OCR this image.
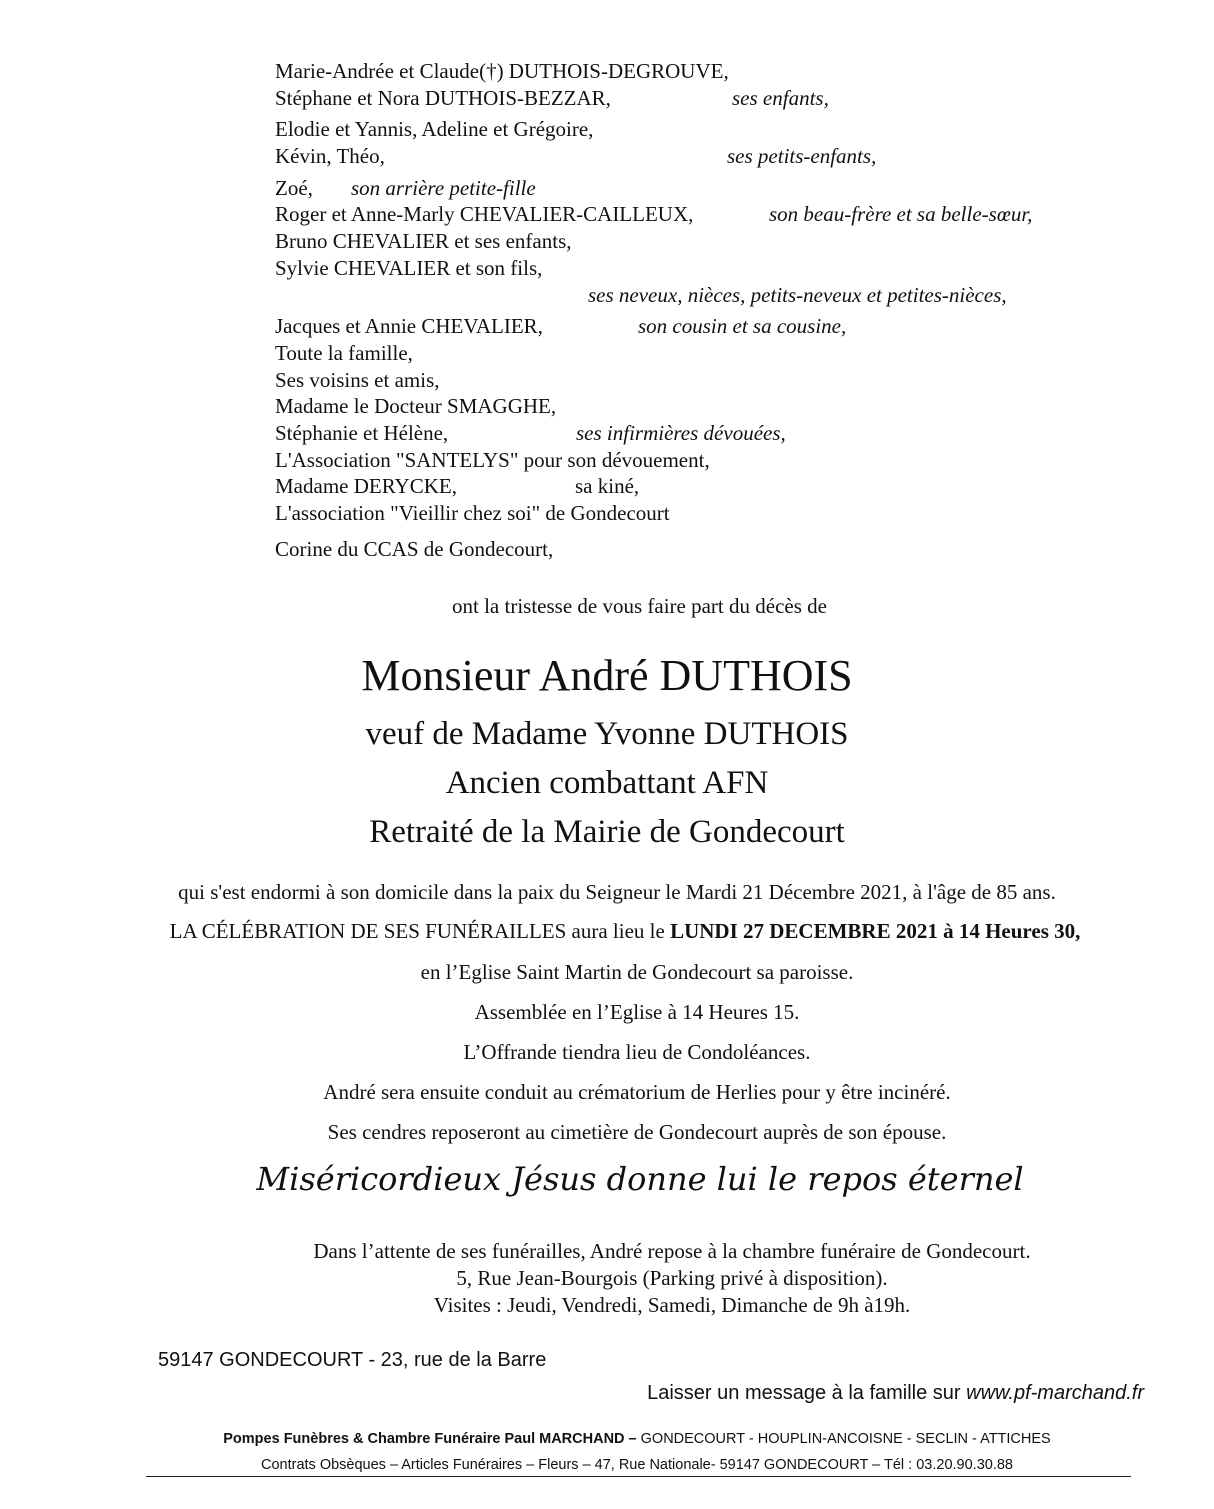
Marie-Andrée et Claude(†) DUTHOIS-DEGROUVE,
Stéphane et Nora DUTHOIS-BEZZAR,	ses enfants,
Elodie et Yannis, Adeline et Grégoire,
Kévin, Théo,	ses petits-enfants,
Zoé, son arrière petite-fille
Roger et Anne-Marly CHEVALIER-CAILLEUX,	son beau-frère et sa belle-sœur,
Bruno CHEVALIER et ses enfants,
Sylvie CHEVALIER et son fils,
ses neveux, nièces, petits-neveux et petites-nièces,
Jacques et Annie CHEVALIER,	son cousin et sa cousine,
Toute la famille,
Ses voisins et amis,
Madame le Docteur SMAGGHE,
Stéphanie et Hélène,	ses infirmières dévouées,
L'Association "SANTELYS" pour son dévouement,
Madame DERYCKE,	sa kiné,
L'association "Vieillir chez soi" de Gondecourt
Corine du CCAS de Gondecourt,
ont la tristesse de vous faire part du décès de
Monsieur André DUTHOIS
veuf de Madame Yvonne DUTHOIS
Ancien combattant AFN
Retraité de la Mairie de Gondecourt
qui s'est endormi à son domicile dans la paix du Seigneur le Mardi 21 Décembre 2021, à l'âge de 85 ans.
LA CÉLÉBRATION DE SES FUNÉRAILLES aura lieu le LUNDI 27 DECEMBRE 2021 à 14 Heures 30,
en l’Eglise Saint Martin de Gondecourt sa paroisse.
Assemblée en l’Eglise à 14 Heures 15.
L’Offrande tiendra lieu de Condoléances.
André sera ensuite conduit au crématorium de Herlies pour y être incinéré.
Ses cendres reposeront au cimetière de Gondecourt auprès de son épouse.
Miséricordieux Jésus donne lui le repos éternel
Dans l’attente de ses funérailles, André repose à la chambre funéraire de Gondecourt.
5, Rue Jean-Bourgois (Parking privé à disposition).
Visites : Jeudi, Vendredi, Samedi, Dimanche de 9h à19h.
59147 GONDECOURT - 23, rue de la Barre
Laisser un message à la famille sur www.pf-marchand.fr
Pompes Funèbres & Chambre Funéraire Paul MARCHAND – GONDECOURT - HOUPLIN-ANCOISNE - SECLIN - ATTICHES
Contrats Obsèques – Articles Funéraires – Fleurs – 47, Rue Nationale- 59147 GONDECOURT – Tél : 03.20.90.30.88
